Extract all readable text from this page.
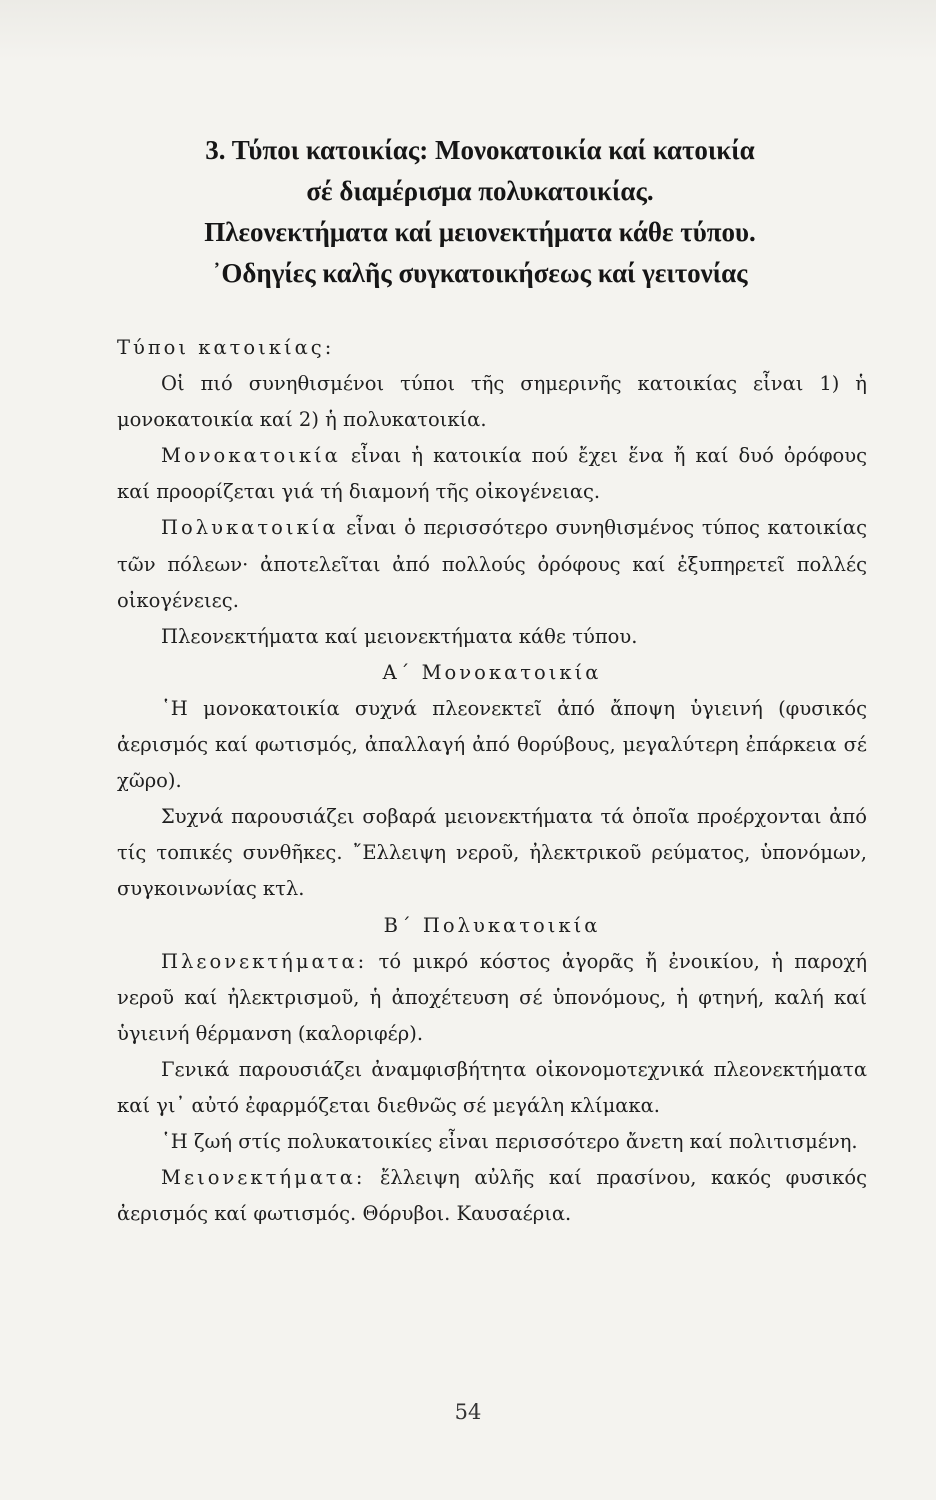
3. Τύποι κατοικίας: Μονοκατοικία καί κατοικία
σέ διαμέρισμα πολυκατοικίας.
Πλεονεκτήματα καί μειονεκτήματα κάθε τύπου.
᾿Οδηγίες καλῆς συγκατοικήσεως καί γειτονίας
Τύποι κατοικίας:
Οἱ πιό συνηθισμένοι τύποι τῆς σημερινῆς κατοικίας εἶναι 1) ἡ μονοκατοικία καί 2) ἡ πολυκατοικία.
Μονοκατοικία εἶναι ἡ κατοικία πού ἔχει ἕνα ἤ καί δυό ὀρόφους καί προορίζεται γιά τή διαμονή τῆς οἰκογένειας.
Πολυκατοικία εἶναι ὁ περισσότερο συνηθισμένος τύπος κατοικίας τῶν πόλεων· ἀποτελεῖται ἀπό πολλούς ὀρόφους καί ἐξυπηρετεῖ πολλές οἰκογένειες.
Πλεονεκτήματα καί μειονεκτήματα κάθε τύπου.
Α΄ Μονοκατοικία
῾Η μονοκατοικία συχνά πλεονεκτεῖ ἀπό ἄποψη ὑγιεινή (φυσικός ἀερισμός καί φωτισμός, ἀπαλλαγή ἀπό θορύβους, μεγαλύτερη ἐπάρκεια σέ χῶρο).
Συχνά παρουσιάζει σοβαρά μειονεκτήματα τά ὁποῖα προέρχονται ἀπό τίς τοπικές συνθῆκες. ῎Ελλειψη νεροῦ, ἠλεκτρικοῦ ρεύματος, ὑπονόμων, συγκοινωνίας κτλ.
Β΄ Πολυκατοικία
Πλεονεκτήματα: τό μικρό κόστος ἀγορᾶς ἤ ἐνοικίου, ἡ παροχή νεροῦ καί ἠλεκτρισμοῦ, ἡ ἀποχέτευση σέ ὑπονόμους, ἡ φτηνή, καλή καί ὑγιεινή θέρμανση (καλοριφέρ).
Γενικά παρουσιάζει ἀναμφισβήτητα οἰκονομοτεχνικά πλεονεκτήματα καί γι᾿ αὐτό ἐφαρμόζεται διεθνῶς σέ μεγάλη κλίμακα.
῾Η ζωή στίς πολυκατοικίες εἶναι περισσότερο ἄνετη καί πολιτισμένη.
Μειονεκτήματα: ἔλλειψη αὐλῆς καί πρασίνου, κακός φυσικός ἀερισμός καί φωτισμός. Θόρυβοι. Καυσαέρια.
54
